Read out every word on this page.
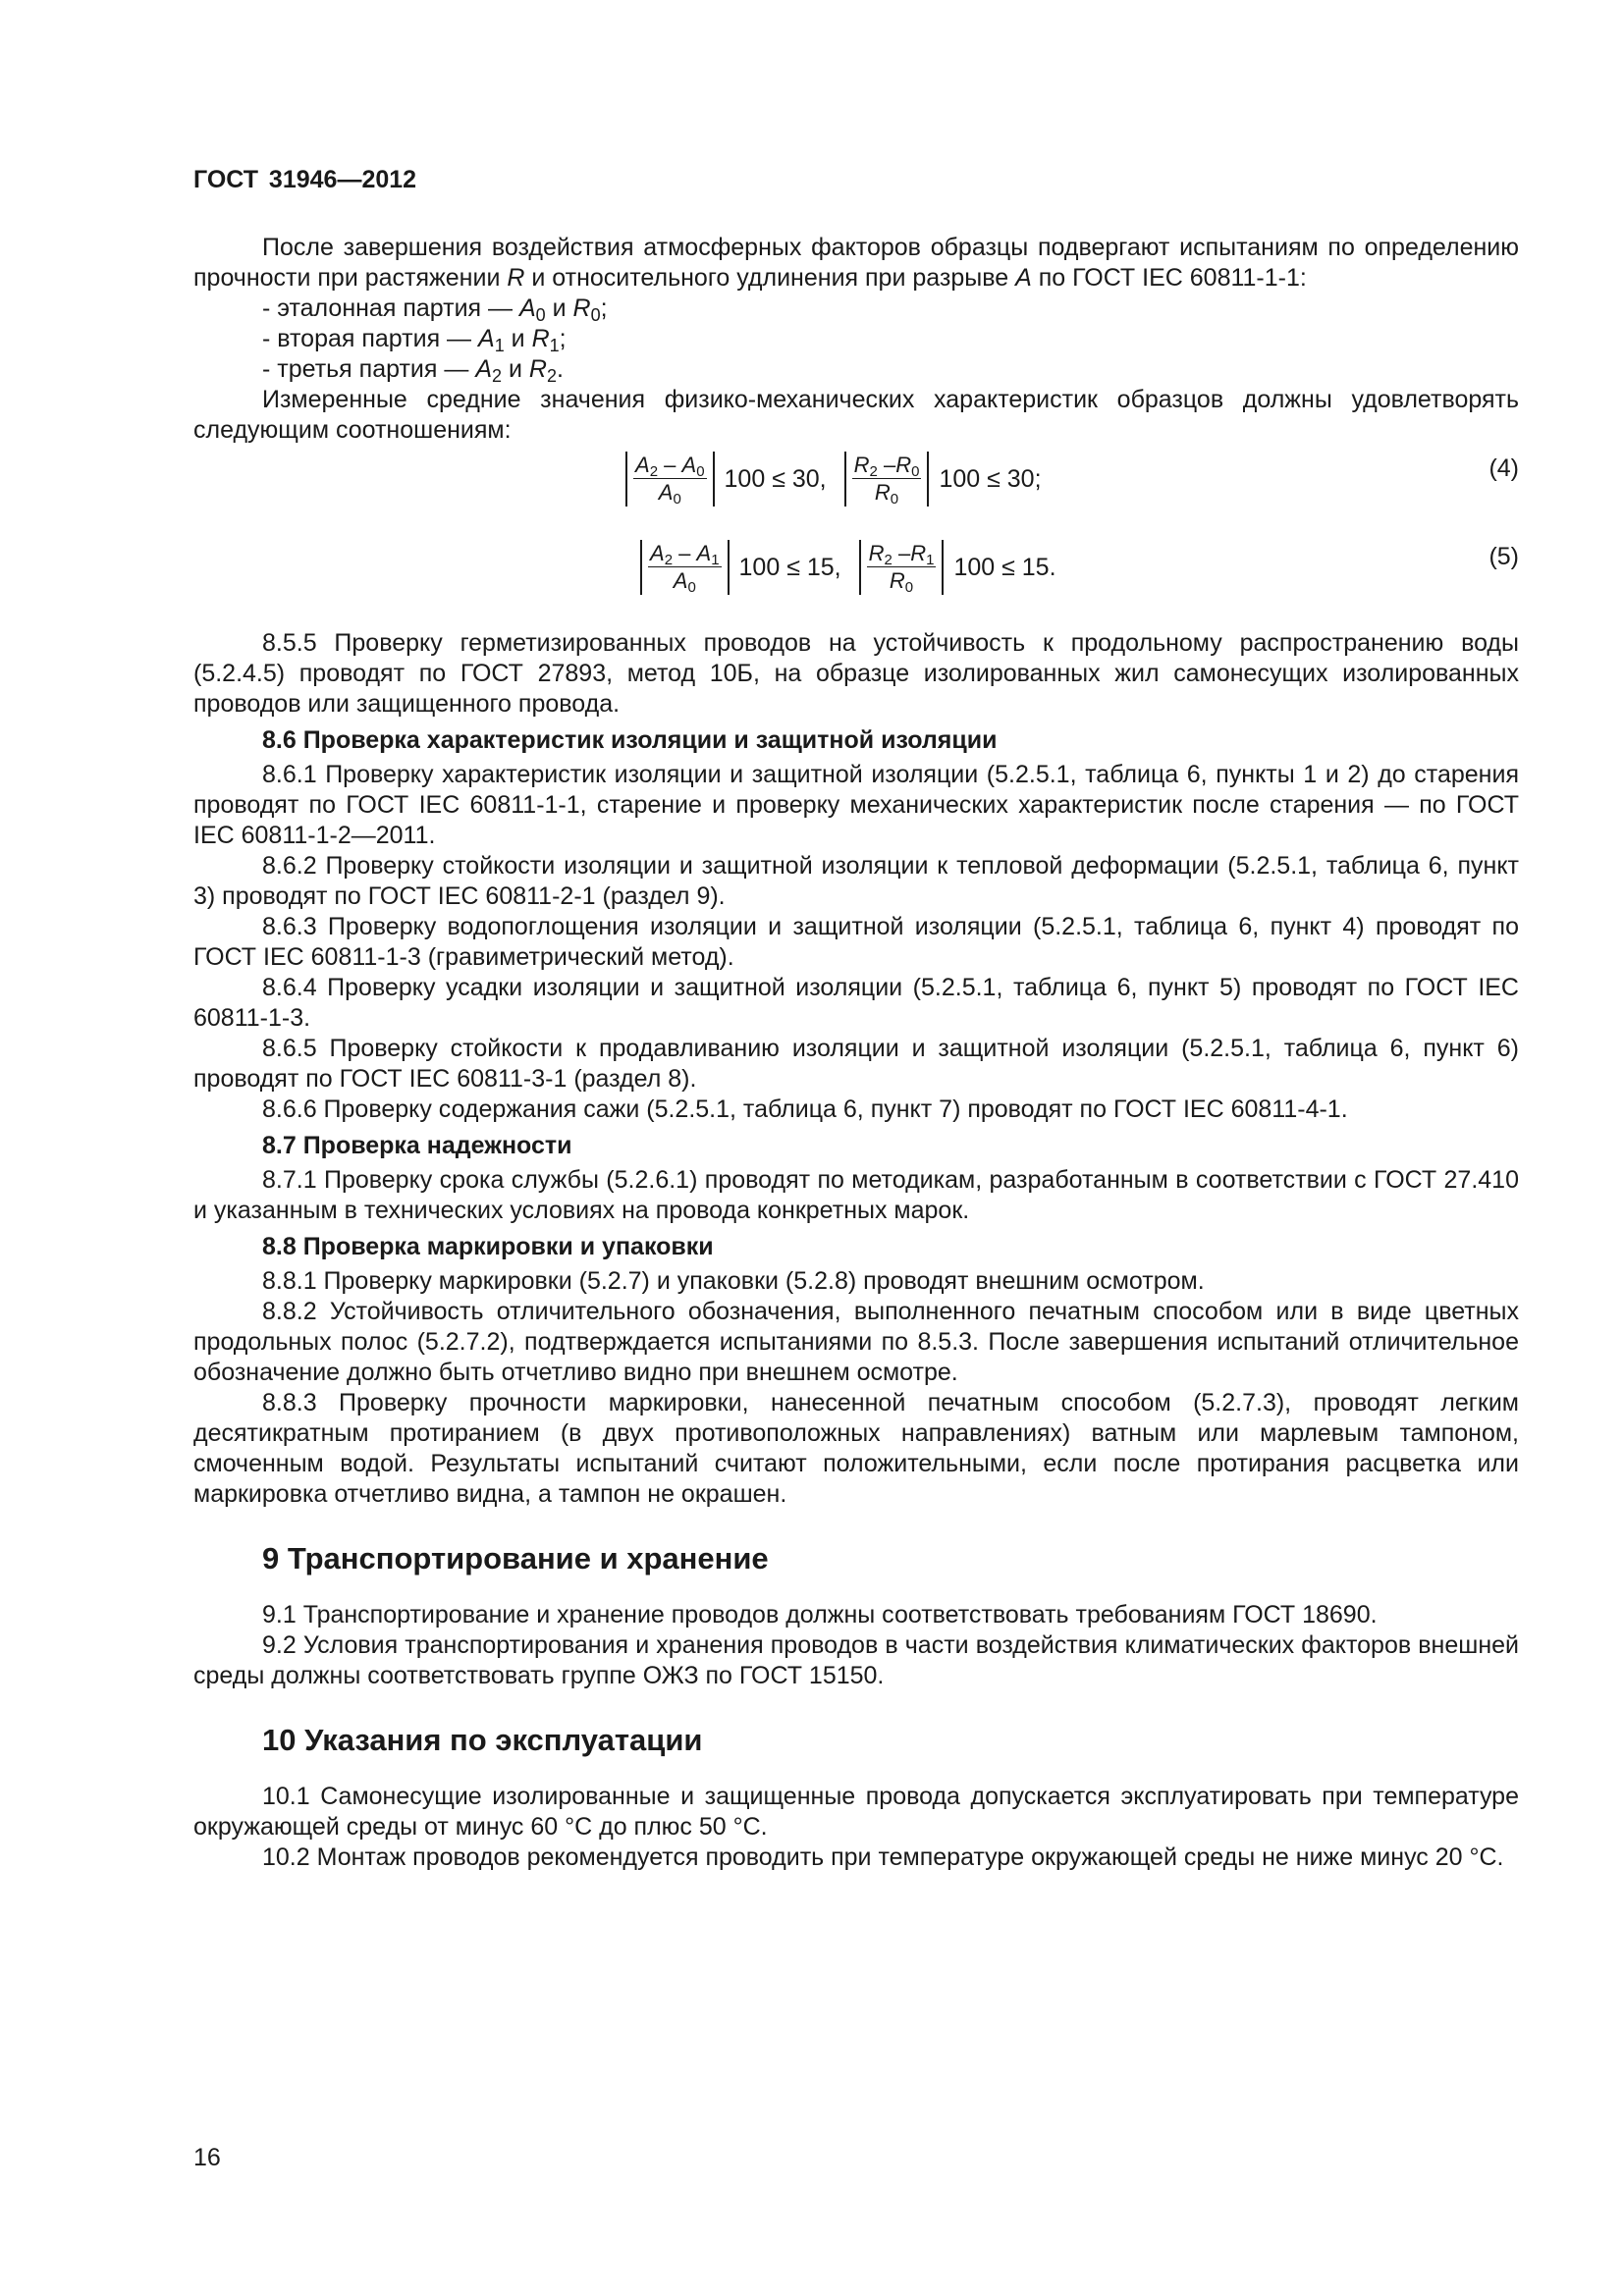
ГОСТ 31946—2012

После завершения воздействия атмосферных факторов образцы подвергают испытаниям по определению прочности при растяжении R и относительного удлинения при разрыве A по ГОСТ IEC 60811-1-1:

- эталонная партия — $A_0$ и $R_0$;

- вторая партия — $A_1$ и $R_1$;

- третья партия — $A_2$ и $R_2$.

Измеренные средние значения физико-механических характеристик образцов должны удовлетворять следующим соотношениям:

$\frac{A2 - A0}{A0} 100 \le 30$, $\frac{R2 -R0}{R0} 100 \le 30$;	(4)
$\frac{A2 - A1}{A0} 100 \le 15$, $\frac{R2 -R1}{R0} 100 \le 15$.	(5)

8.5.5 Проверку герметизированных проводов на устойчивость к продольному распространению воды (5.2.4.5) проводят по ГОСТ 27893, метод 10Б, на образце изолированных жил самонесущих изолированных проводов или защищенного провода.

8.6 Проверка характеристик изоляции и защитной изоляции

8.6.1 Проверку характеристик изоляции и защитной изоляции (5.2.5.1, таблица 6, пункты 1 и 2) до старения проводят по ГОСТ IEC 60811-1-1, старение и проверку механических характеристик после старения — по ГОСТ IEC 60811-1-2—2011.

8.6.2 Проверку стойкости изоляции и защитной изоляции к тепловой деформации (5.2.5.1, таблица 6, пункт 3) проводят по ГОСТ IEC 60811-2-1 (раздел 9).

8.6.3 Проверку водопоглощения изоляции и защитной изоляции (5.2.5.1, таблица 6, пункт 4) проводят по ГОСТ IEC 60811-1-3 (гравиметрический метод).

8.6.4 Проверку усадки изоляции и защитной изоляции (5.2.5.1, таблица 6, пункт 5) проводят по ГОСТ IEC 60811-1-3.

8.6.5 Проверку стойкости к продавливанию изоляции и защитной изоляции (5.2.5.1, таблица 6, пункт 6) проводят по ГОСТ IEC 60811-3-1 (раздел 8).

8.6.6 Проверку содержания сажи (5.2.5.1, таблица 6, пункт 7) проводят по ГОСТ IEC 60811-4-1.

8.7 Проверка надежности

8.7.1 Проверку срока службы (5.2.6.1) проводят по методикам, разработанным в соответствии с ГОСТ 27.410 и указанным в технических условиях на провода конкретных марок.

8.8 Проверка маркировки и упаковки

8.8.1 Проверку маркировки (5.2.7) и упаковки (5.2.8) проводят внешним осмотром.

8.8.2 Устойчивость отличительного обозначения, выполненного печатным способом или в виде цветных продольных полос (5.2.7.2), подтверждается испытаниями по 8.5.3. После завершения испытаний отличительное обозначение должно быть отчетливо видно при внешнем осмотре.

8.8.3 Проверку прочности маркировки, нанесенной печатным способом (5.2.7.3), проводят легким десятикратным протиранием (в двух противоположных направлениях) ватным или марлевым тампоном, смоченным водой. Результаты испытаний считают положительными, если после протирания расцветка или маркировка отчетливо видна, а тампон не окрашен.

9 Транспортирование и хранение

9.1 Транспортирование и хранение проводов должны соответствовать требованиям ГОСТ 18690.

9.2 Условия транспортирования и хранения проводов в части воздействия климатических факторов внешней среды должны соответствовать группе ОЖЗ по ГОСТ 15150.

10 Указания по эксплуатации

10.1 Самонесущие изолированные и защищенные провода допускается эксплуатировать при температуре окружающей среды от минус 60 °С до плюс 50 °С.

10.2 Монтаж проводов рекомендуется проводить при температуре окружающей среды не ниже минус 20 °С.

16
